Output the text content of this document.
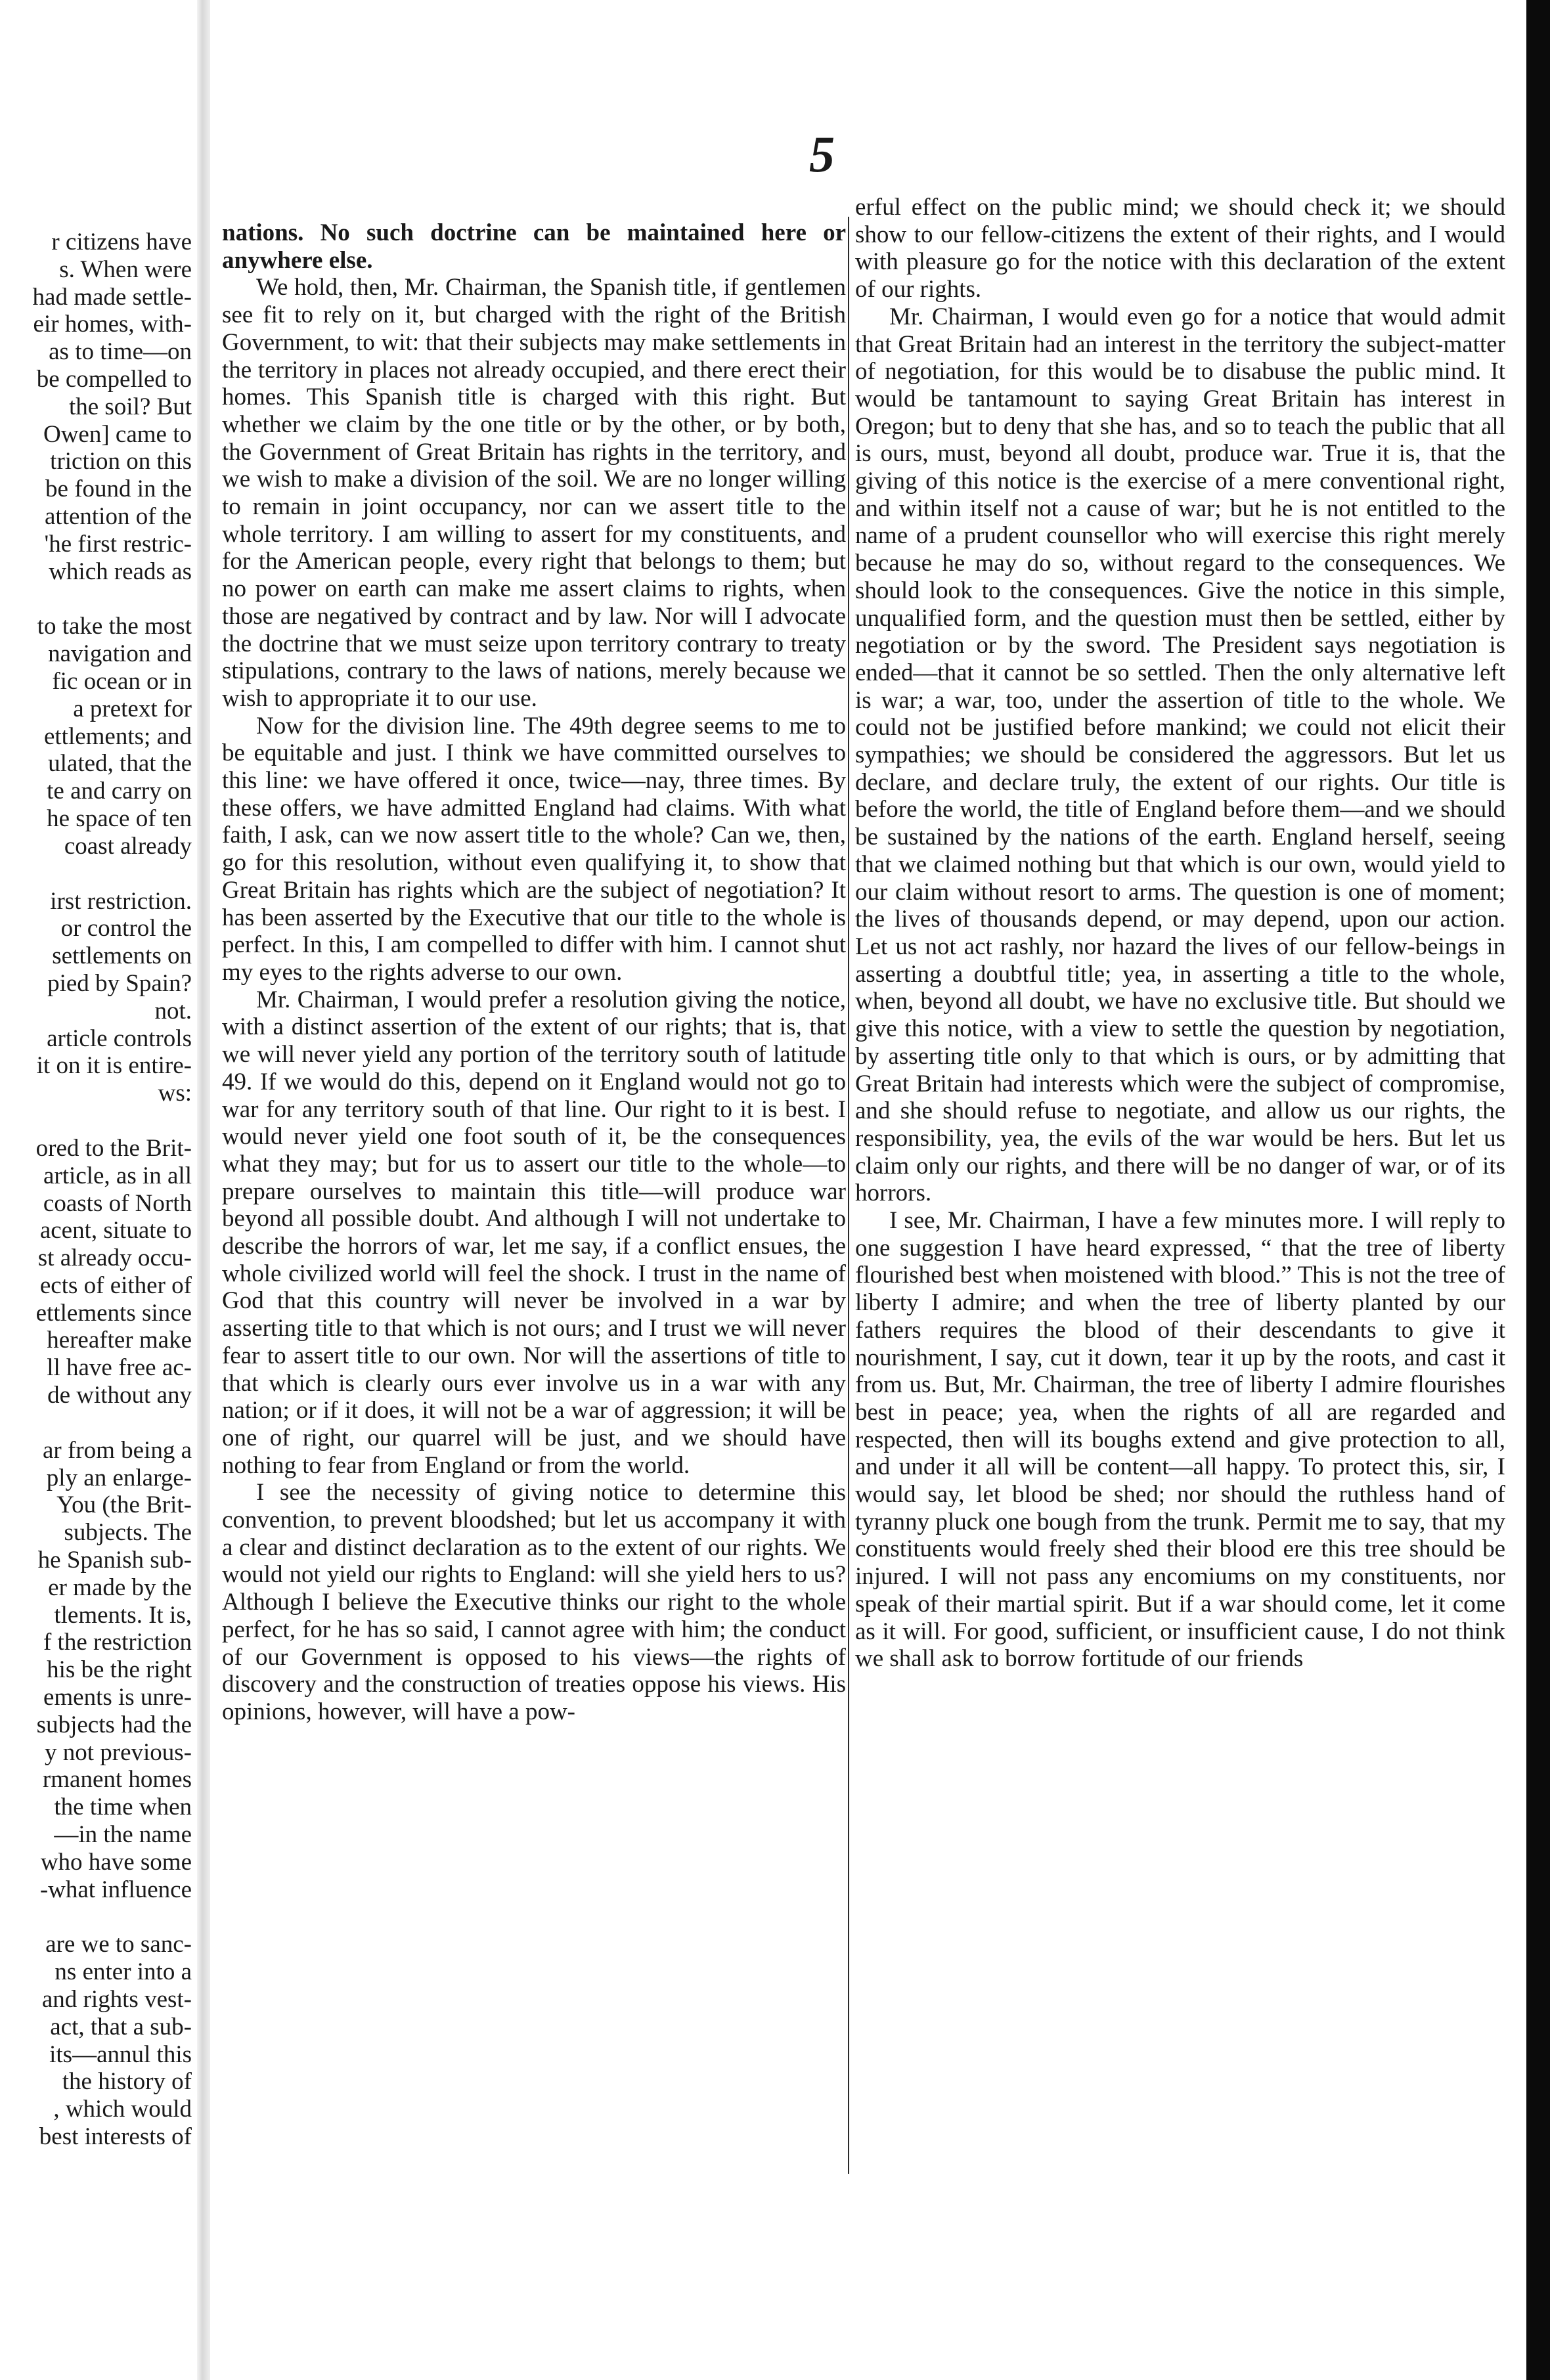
5
r citizens have
s. When were
had made settle-
eir homes, with-
as to time—on
be compelled to
the soil? But
Owen] came to
triction on this
be found in the
attention of the
'he first restric-
which reads as
to take the most
navigation and
fic ocean or in
a pretext for
ettlements; and
ulated, that the
te and carry on
he space of ten
coast already
irst restriction.
or control the
settlements on
pied by Spain?
not.
article controls
it on it is entire-
ws:
ored to the Brit-
article, as in all
coasts of North
acent, situate to
st already occu-
ects of either of
ettlements since
hereafter make
ll have free ac-
de without any
ar from being a
ply an enlarge-
You (the Brit-
subjects. The
he Spanish sub-
er made by the
tlements. It is,
f the restriction
his be the right
ements is unre-
subjects had the
y not previous-
rmanent homes
the time when
—in the name
who have some
-what influence
are we to sanc-
ns enter into a
and rights vest-
act, that a sub-
its—annul this
the history of
, which would
best interests of

nations. No such doctrine can be maintained here or anywhere else.

We hold, then, Mr. Chairman, the Spanish title, if gentlemen see fit to rely on it, but charged with the right of the British Government, to wit: that their subjects may make settlements in the territory in places not already occupied, and there erect their homes. This Spanish title is charged with this right. But whether we claim by the one title or by the other, or by both, the Government of Great Britain has rights in the territory, and we wish to make a division of the soil. We are no longer willing to remain in joint occupancy, nor can we assert title to the whole territory. I am willing to assert for my constituents, and for the American people, every right that belongs to them; but no power on earth can make me assert claims to rights, when those are negatived by contract and by law. Nor will I advocate the doctrine that we must seize upon territory contrary to treaty stipulations, contrary to the laws of nations, merely because we wish to appropriate it to our use.

Now for the division line. The 49th degree seems to me to be equitable and just. I think we have committed ourselves to this line: we have offered it once, twice—nay, three times. By these offers, we have admitted England had claims. With what faith, I ask, can we now assert title to the whole? Can we, then, go for this resolution, without even qualifying it, to show that Great Britain has rights which are the subject of negotiation? It has been asserted by the Executive that our title to the whole is perfect. In this, I am compelled to differ with him. I cannot shut my eyes to the rights adverse to our own.

Mr. Chairman, I would prefer a resolution giving the notice, with a distinct assertion of the extent of our rights; that is, that we will never yield any portion of the territory south of latitude 49. If we would do this, depend on it England would not go to war for any territory south of that line. Our right to it is best. I would never yield one foot south of it, be the consequences what they may; but for us to assert our title to the whole—to prepare ourselves to maintain this title—will produce war beyond all possible doubt. And although I will not undertake to describe the horrors of war, let me say, if a conflict ensues, the whole civilized world will feel the shock. I trust in the name of God that this country will never be involved in a war by asserting title to that which is not ours; and I trust we will never fear to assert title to our own. Nor will the assertions of title to that which is clearly ours ever involve us in a war with any nation; or if it does, it will not be a war of aggression; it will be one of right, our quarrel will be just, and we should have nothing to fear from England or from the world.

I see the necessity of giving notice to determine this convention, to prevent bloodshed; but let us accompany it with a clear and distinct declaration as to the extent of our rights. We would not yield our rights to England: will she yield hers to us? Although I believe the Executive thinks our right to the whole perfect, for he has so said, I cannot agree with him; the conduct of our Government is opposed to his views—the rights of discovery and the construction of treaties oppose his views. His opinions, however, will have a pow-

erful effect on the public mind; we should check it; we should show to our fellow-citizens the extent of their rights, and I would with pleasure go for the notice with this declaration of the extent of our rights.

Mr. Chairman, I would even go for a notice that would admit that Great Britain had an interest in the territory the subject-matter of negotiation, for this would be to disabuse the public mind. It would be tantamount to saying Great Britain has interest in Oregon; but to deny that she has, and so to teach the public that all is ours, must, beyond all doubt, produce war. True it is, that the giving of this notice is the exercise of a mere conventional right, and within itself not a cause of war; but he is not entitled to the name of a prudent counsellor who will exercise this right merely because he may do so, without regard to the consequences. We should look to the consequences. Give the notice in this simple, unqualified form, and the question must then be settled, either by negotiation or by the sword. The President says negotiation is ended—that it cannot be so settled. Then the only alternative left is war; a war, too, under the assertion of title to the whole. We could not be justified before mankind; we could not elicit their sympathies; we should be considered the aggressors. But let us declare, and declare truly, the extent of our rights. Our title is before the world, the title of England before them—and we should be sustained by the nations of the earth. England herself, seeing that we claimed nothing but that which is our own, would yield to our claim without resort to arms. The question is one of moment; the lives of thousands depend, or may depend, upon our action. Let us not act rashly, nor hazard the lives of our fellow-beings in asserting a doubtful title; yea, in asserting a title to the whole, when, beyond all doubt, we have no exclusive title. But should we give this notice, with a view to settle the question by negotiation, by asserting title only to that which is ours, or by admitting that Great Britain had interests which were the subject of compromise, and she should refuse to negotiate, and allow us our rights, the responsibility, yea, the evils of the war would be hers. But let us claim only our rights, and there will be no danger of war, or of its horrors.

I see, Mr. Chairman, I have a few minutes more. I will reply to one suggestion I have heard expressed, “ that the tree of liberty flourished best when moistened with blood.” This is not the tree of liberty I admire; and when the tree of liberty planted by our fathers requires the blood of their descendants to give it nourishment, I say, cut it down, tear it up by the roots, and cast it from us. But, Mr. Chairman, the tree of liberty I admire flourishes best in peace; yea, when the rights of all are regarded and respected, then will its boughs extend and give protection to all, and under it all will be content—all happy. To protect this, sir, I would say, let blood be shed; nor should the ruthless hand of tyranny pluck one bough from the trunk. Permit me to say, that my constituents would freely shed their blood ere this tree should be injured. I will not pass any encomiums on my constituents, nor speak of their martial spirit. But if a war should come, let it come as it will. For good, sufficient, or insufficient cause, I do not think we shall ask to borrow fortitude of our friends
